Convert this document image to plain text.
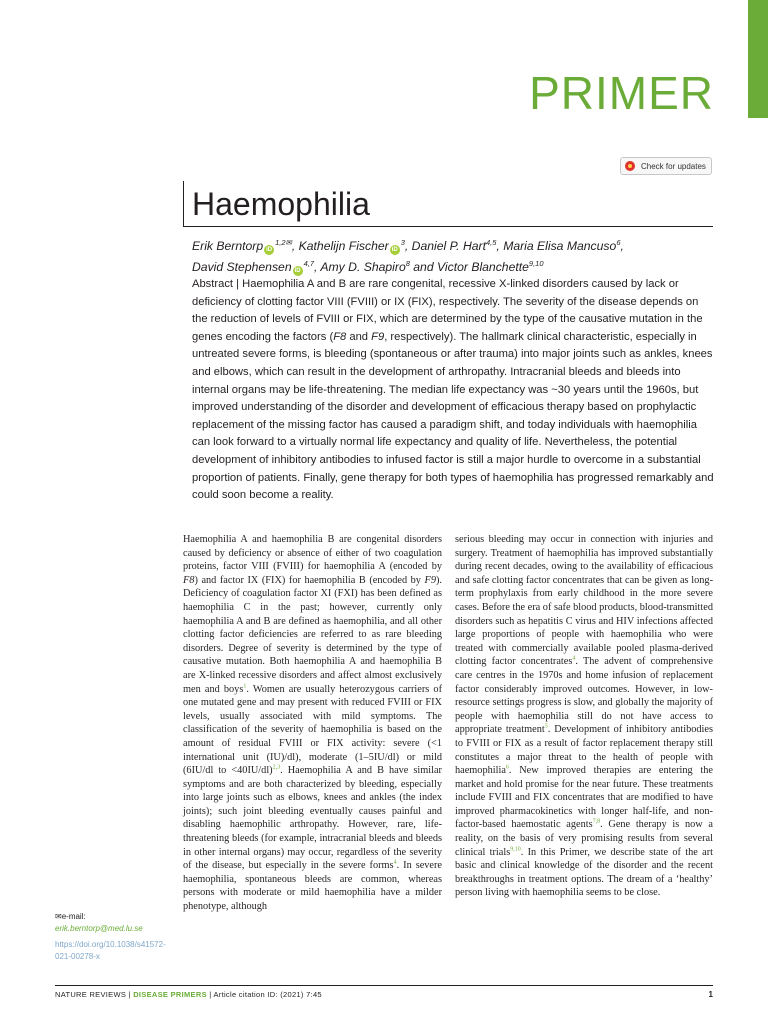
PRIMER
Check for updates
Haemophilia

Erik Berntorp $iD^{1,2✉}$, Kathelijn Fischer $iD^3$, Daniel P. Hart$^{4,5}$, Maria Elisa Mancuso$^6$,
David Stephensen iD$^{4,7}$, Amy D. Shapiro$^8$ and Victor Blanchette$^{9,10}$

Abstract | Haemophilia A and B are rare congenital, recessive X-linked disorders caused by lack or deficiency of clotting factor VIII (FVIII) or IX (FIX), respectively. The severity of the disease depends on the reduction of levels of FVIII or FIX, which are determined by the type of the causative mutation in the genes encoding the factors (F8 and F9, respectively). The hallmark clinical characteristic, especially in untreated severe forms, is bleeding (spontaneous or after trauma) into major joints such as ankles, knees and elbows, which can result in the development of arthropathy. Intracranial bleeds and bleeds into internal organs may be life-threatening. The median life expectancy was ~30 years until the 1960s, but improved understanding of the disorder and development of efficacious therapy based on prophylactic replacement of the missing factor has caused a paradigm shift, and today individuals with haemophilia can look forward to a virtually normal life expectancy and quality of life. Nevertheless, the potential development of inhibitory antibodies to infused factor is still a major hurdle to overcome in a substantial proportion of patients. Finally, gene therapy for both types of haemophilia has progressed remarkably and could soon become a reality.

Haemophilia A and haemophilia B are congenital disorders caused by deficiency or absence of either of two coagulation proteins, factor VIII (FVIII) for haemophilia A (encoded by F8) and factor IX (FIX) for haemophilia B (encoded by F9). Deficiency of coagulation factor XI (FXI) has been defined as haemophilia C in the past; however, currently only haemophilia A and B are defined as haemophilia, and all other clotting factor deficiencies are referred to as rare bleeding disorders. Degree of severity is determined by the type of causative mutation. Both haemophilia A and haemophilia B are X-linked recessive disorders and affect almost exclusively men and boys$^1$. Women are usually heterozygous carriers of one mutated gene and may present with reduced FVIII or FIX levels, usually associated with mild symptoms. The classification of the severity of haemophilia is based on the amount of residual FVIII or FIX activity: severe (<1 international unit (IU)/dl), moderate (1–5IU/dl) or mild (6IU/dl to <40IU/dl)$^{2,3}$. Haemophilia A and B have similar symptoms and are both characterized by bleeding, especially into large joints such as elbows, knees and ankles (the index joints); such joint bleeding eventually causes painful and disabling haemophilic arthropathy. However, rare, life-threatening bleeds (for example, intracranial bleeds and bleeds in other internal organs) may occur, regardless of the severity of the disease, but especially in the severe forms$^4$. In severe haemophilia, spontaneous bleeds are common, whereas persons with moderate or mild haemophilia have a milder phenotype, although

serious bleeding may occur in connection with injuries and surgery. Treatment of haemophilia has improved substantially during recent decades, owing to the availability of efficacious and safe clotting factor concentrates that can be given as long-term prophylaxis from early childhood in the more severe cases. Before the era of safe blood products, blood-transmitted disorders such as hepatitis C virus and HIV infections affected large proportions of people with haemophilia who were treated with commercially available pooled plasma-derived clotting factor concentrates$^4$. The advent of comprehensive care centres in the 1970s and home infusion of replacement factor considerably improved outcomes. However, in low-resource settings progress is slow, and globally the majority of people with haemophilia still do not have access to appropriate treatment$^5$. Development of inhibitory antibodies to FVIII or FIX as a result of factor replacement therapy still constitutes a major threat to the health of people with haemophilia$^6$. New improved therapies are entering the market and hold promise for the near future. These treatments include FVIII and FIX concentrates that are modified to have improved pharmacokinetics with longer half-life, and non-factor-based haemostatic agents$^{7,8}$. Gene therapy is now a reality, on the basis of very promising results from several clinical trials$^{9,10}$. In this Primer, we describe state of the art basic and clinical knowledge of the disorder and the recent breakthroughs in treatment options. The dream of a ‘healthy’ person living with haemophilia seems to be close.

✉e-mail: erik.berntorp@med.lu.se
https://doi.org/10.1038/s41572-021-00278-x
NATURE REVIEWS | DISEASE PRIMERS | Article citation ID: (2021) 7:45	1
